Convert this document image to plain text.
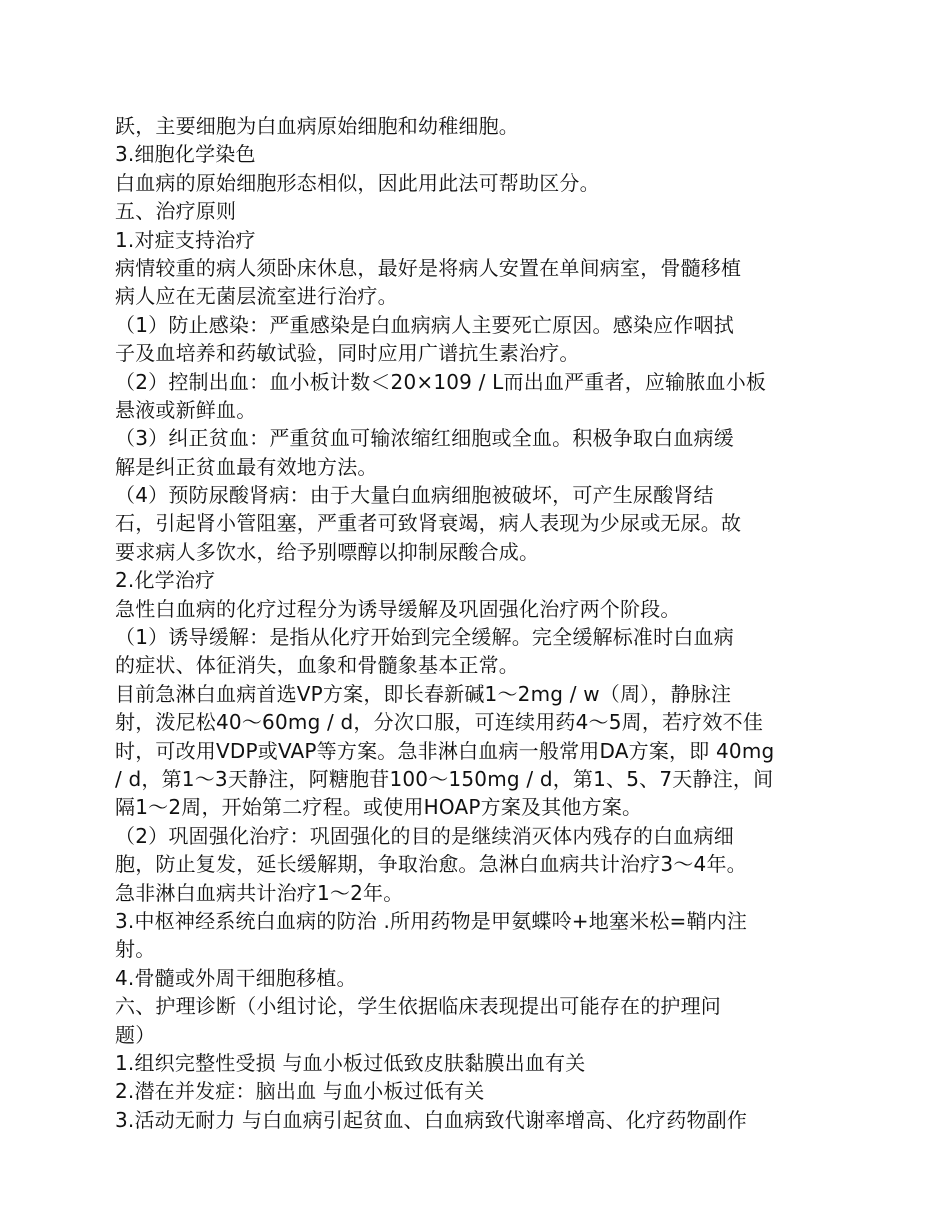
跃，主要细胞为白血病原始细胞和幼稚细胞。
3.细胞化学染色
白血病的原始细胞形态相似，因此用此法可帮助区分。
五、治疗原则
1.对症支持治疗
病情较重的病人须卧床休息，最好是将病人安置在单间病室，骨髓移植
病人应在无菌层流室进行治疗。
（1）防止感染：严重感染是白血病病人主要死亡原因。感染应作咽拭
子及血培养和药敏试验，同时应用广谱抗生素治疗。
（2）控制出血：血小板计数＜20×109 / L而出血严重者，应输脓血小板
悬液或新鲜血。
（3）纠正贫血：严重贫血可输浓缩红细胞或全血。积极争取白血病缓
解是纠正贫血最有效地方法。
（4）预防尿酸肾病：由于大量白血病细胞被破坏，可产生尿酸肾结
石，引起肾小管阻塞，严重者可致肾衰竭，病人表现为少尿或无尿。故
要求病人多饮水，给予别嘌醇以抑制尿酸合成。
2.化学治疗
急性白血病的化疗过程分为诱导缓解及巩固强化治疗两个阶段。
（1）诱导缓解：是指从化疗开始到完全缓解。完全缓解标准时白血病
的症状、体征消失，血象和骨髓象基本正常。
目前急淋白血病首选VP方案，即长春新碱1～2mg / w（周），静脉注
射，泼尼松40～60mg / d，分次口服，可连续用药4～5周，若疗效不佳
时，可改用VDP或VAP等方案。急非淋白血病一般常用DA方案，即 40mg
/ d，第1～3天静注，阿糖胞苷100～150mg / d，第1、5、7天静注，间
隔1～2周，开始第二疗程。或使用HOAP方案及其他方案。
（2）巩固强化治疗：巩固强化的目的是继续消灭体内残存的白血病细
胞，防止复发，延长缓解期，争取治愈。急淋白血病共计治疗3～4年。
急非淋白血病共计治疗1～2年。
3.中枢神经系统白血病的防治 .所用药物是甲氨蝶呤+地塞米松=鞘内注
射。
4.骨髓或外周干细胞移植。
六、护理诊断（小组讨论，学生依据临床表现提出可能存在的护理问
题）
1.组织完整性受损 与血小板过低致皮肤黏膜出血有关
2.潜在并发症：脑出血 与血小板过低有关
3.活动无耐力 与白血病引起贫血、白血病致代谢率增高、化疗药物副作
